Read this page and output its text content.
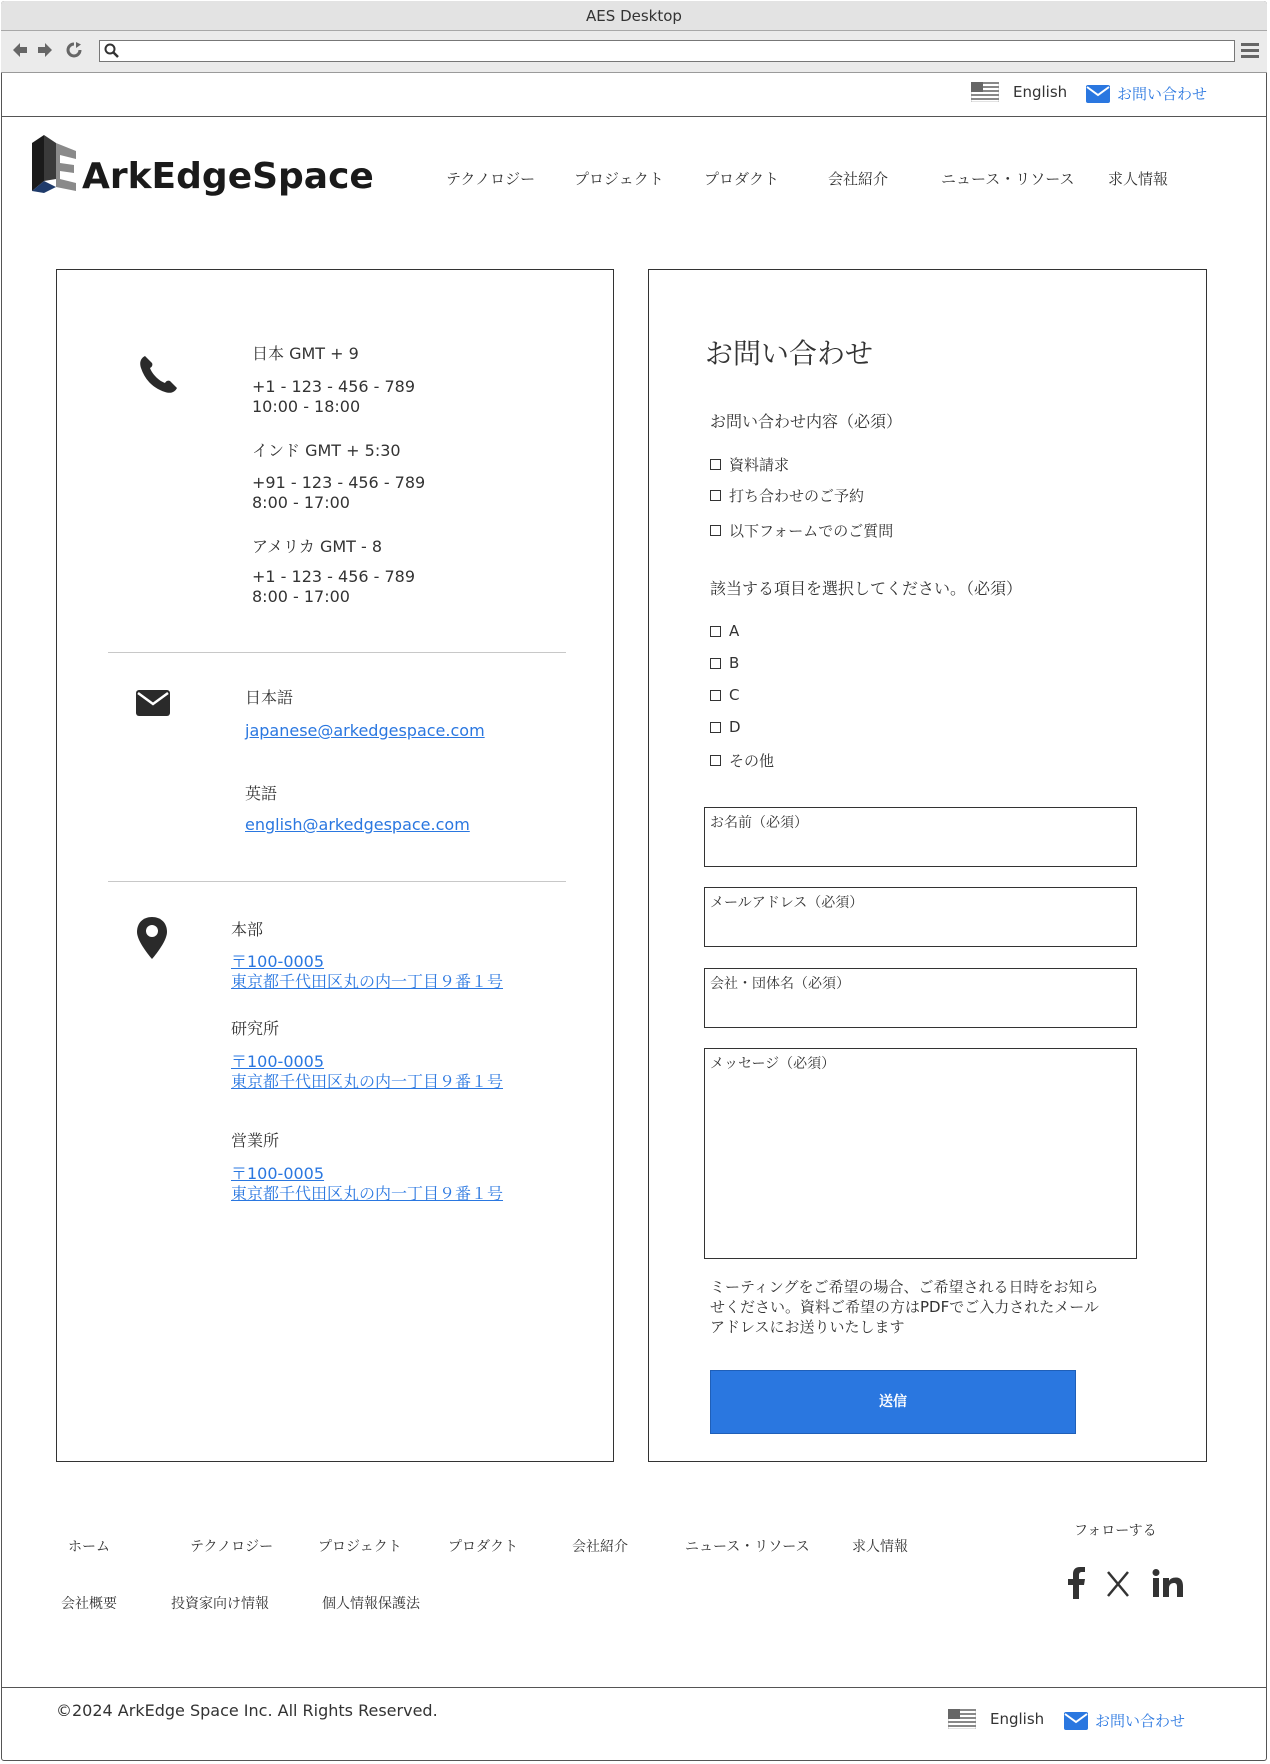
AES Desktop
English	お問い合わせ
ArkEdgeSpace	テクノロジー	プロジェクト	プロダクト	会社紹介	ニュース・リソース 求人情報
日本 GMT + 9
+1 - 123 - 456 - 789
10:00 - 18:00
インド GMT + 5:30
+91 - 123 - 456 - 789
8:00 - 17:00
アメリカ GMT - 8
+1 - 123 - 456 - 789
8:00 - 17:00
日本語
japanese@arkedgespace.com
英語
english@arkedgespace.com
本部
〒100-0005
東京都千代田区丸の内一丁目９番１号
研究所
〒100-0005
東京都千代田区丸の内一丁目９番１号
営業所
〒100-0005
東京都千代田区丸の内一丁目９番１号
お問い合わせ
お問い合わせ内容（必須）
資料請求
打ち合わせのご予約
以下フォームでのご質問
該当する項目を選択してください。（必須）
A
B
C
D
その他
お名前（必須）
メールアドレス（必須）
会社・団体名（必須）
メッセージ（必須）
ミーティングをご希望の場合、ご希望される日時をお知ら
せください。資料ご希望の方はPDFでご入力されたメール
アドレスにお送りいたします
送信
ホーム	テクノロジー	プロジェクト	プロダクト	会社紹介	ニュース・リソース	求人情報
会社概要	投資家向け情報	個人情報保護法
フォローする
©2024 ArkEdge Space Inc. All Rights Reserved.	English	お問い合わせ
